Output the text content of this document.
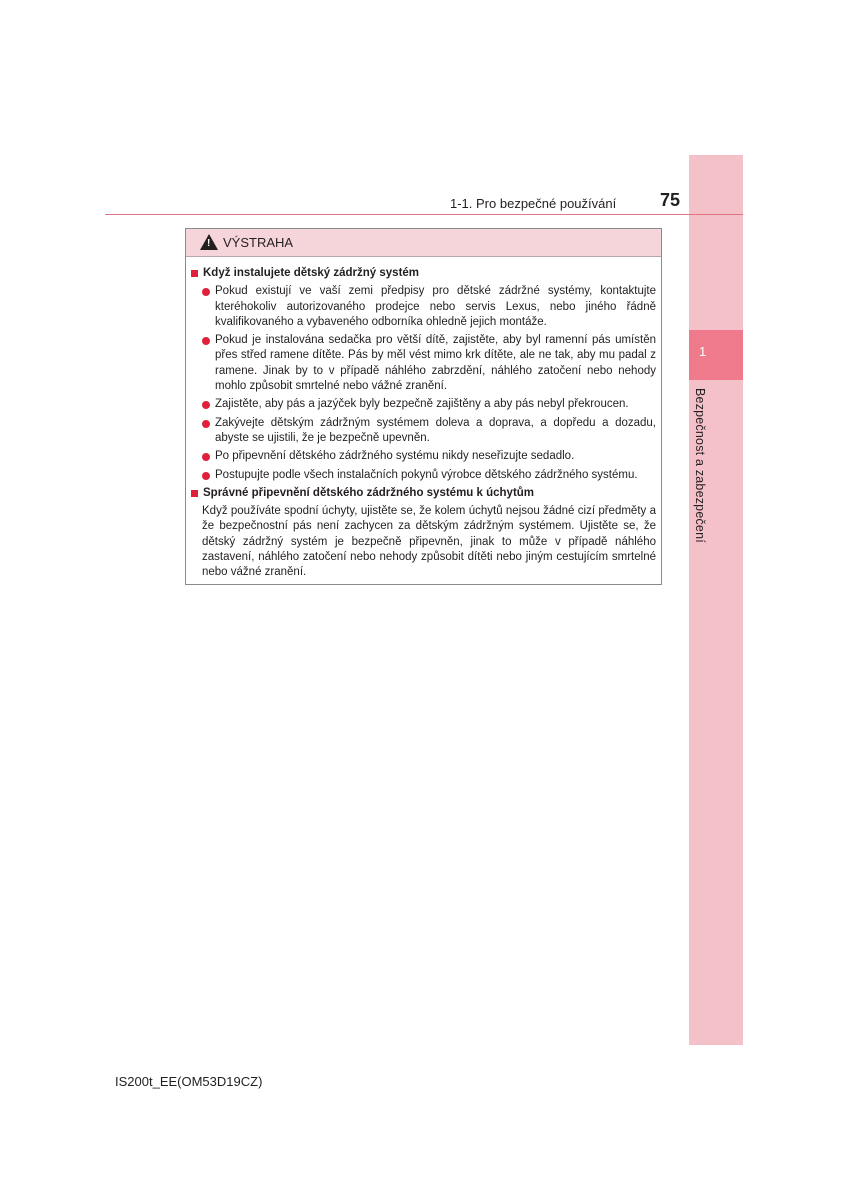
1
Bezpečnost a zabezpečení
1-1. Pro bezpečné používání 75
! VÝSTRAHA
Když instalujete dětský zádržný systém
Pokud existují ve vaší zemi předpisy pro dětské zádržné systémy, kontaktujte kteréhokoliv autorizovaného prodejce nebo servis Lexus, nebo jiného řádně kvalifikovaného a vybaveného odborníka ohledně jejich montáže.
Pokud je instalována sedačka pro větší dítě, zajistěte, aby byl ramenní pás umístěn přes střed ramene dítěte. Pás by měl vést mimo krk dítěte, ale ne tak, aby mu padal z ramene. Jinak by to v případě náhlého zabrzdění, náhlého zatočení nebo nehody mohlo způsobit smrtelné nebo vážné zranění.
Zajistěte, aby pás a jazýček byly bezpečně zajištěny a aby pás nebyl překroucen.
Zakývejte dětským zádržným systémem doleva a doprava, a dopředu a dozadu, abyste se ujistili, že je bezpečně upevněn.
Po připevnění dětského zádržného systému nikdy neseřizujte sedadlo.
Postupujte podle všech instalačních pokynů výrobce dětského zádržného systému.
Správné připevnění dětského zádržného systému k úchytům
Když používáte spodní úchyty, ujistěte se, že kolem úchytů nejsou žádné cizí předměty a že bezpečnostní pás není zachycen za dětským zádržným systémem. Ujistěte se, že dětský zádržný systém je bezpečně připevněn, jinak to může v případě náhlého zastavení, náhlého zatočení nebo nehody způsobit dítěti nebo jiným cestujícím smrtelné nebo vážné zranění.
IS200t_EE(OM53D19CZ)
